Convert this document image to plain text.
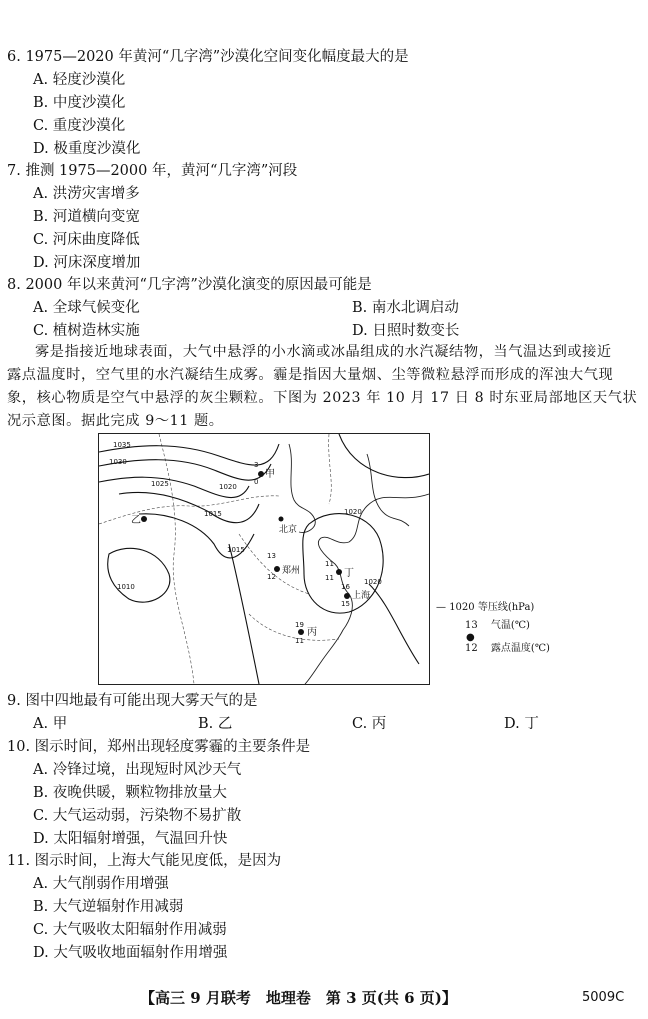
6. 1975—2020 年黄河“几字湾”沙漠化空间变化幅度最大的是
A. 轻度沙漠化
B. 中度沙漠化
C. 重度沙漠化
D. 极重度沙漠化
7. 推测 1975—2000 年，黄河“几字湾”河段
A. 洪涝灾害增多
B. 河道横向变宽
C. 河床曲度降低
D. 河床深度增加
8. 2000 年以来黄河“几字湾”沙漠化演变的原因最可能是
A. 全球气候变化	B. 南水北调启动
C. 植树造林实施	D. 日照时数变长
雾是指接近地球表面，大气中悬浮的小水滴或冰晶组成的水汽凝结物，当气温达到或接近
露点温度时，空气里的水汽凝结生成雾。霾是指因大量烟、尘等微粒悬浮而形成的浑浊大气现
象，核心物质是空气中悬浮的灰尘颗粒。下图为 2023 年 10 月 17 日 8 时东亚局部地区天气状
况示意图。据此完成 9～11 题。
1035
1030
1025	1020
1015
1010
1015
1020
1020
3
0
甲
乙
北京
13
12
郑州
11
11 丁
16
15
上海
19
11
丙
— 1020 等压线(hPa)
13 气温(℃)
●
12 露点温度(℃)
9. 图中四地最有可能出现大雾天气的是
A. 甲	B. 乙	C. 丙	D. 丁
10. 图示时间，郑州出现轻度雾霾的主要条件是
A. 冷锋过境，出现短时风沙天气
B. 夜晚供暖，颗粒物排放量大
C. 大气运动弱，污染物不易扩散
D. 太阳辐射增强，气温回升快
11. 图示时间，上海大气能见度低，是因为
A. 大气削弱作用增强
B. 大气逆辐射作用减弱
C. 大气吸收太阳辐射作用减弱
D. 大气吸收地面辐射作用增强
【高三 9 月联考　地理卷　第 3 页(共 6 页)】	5009C
